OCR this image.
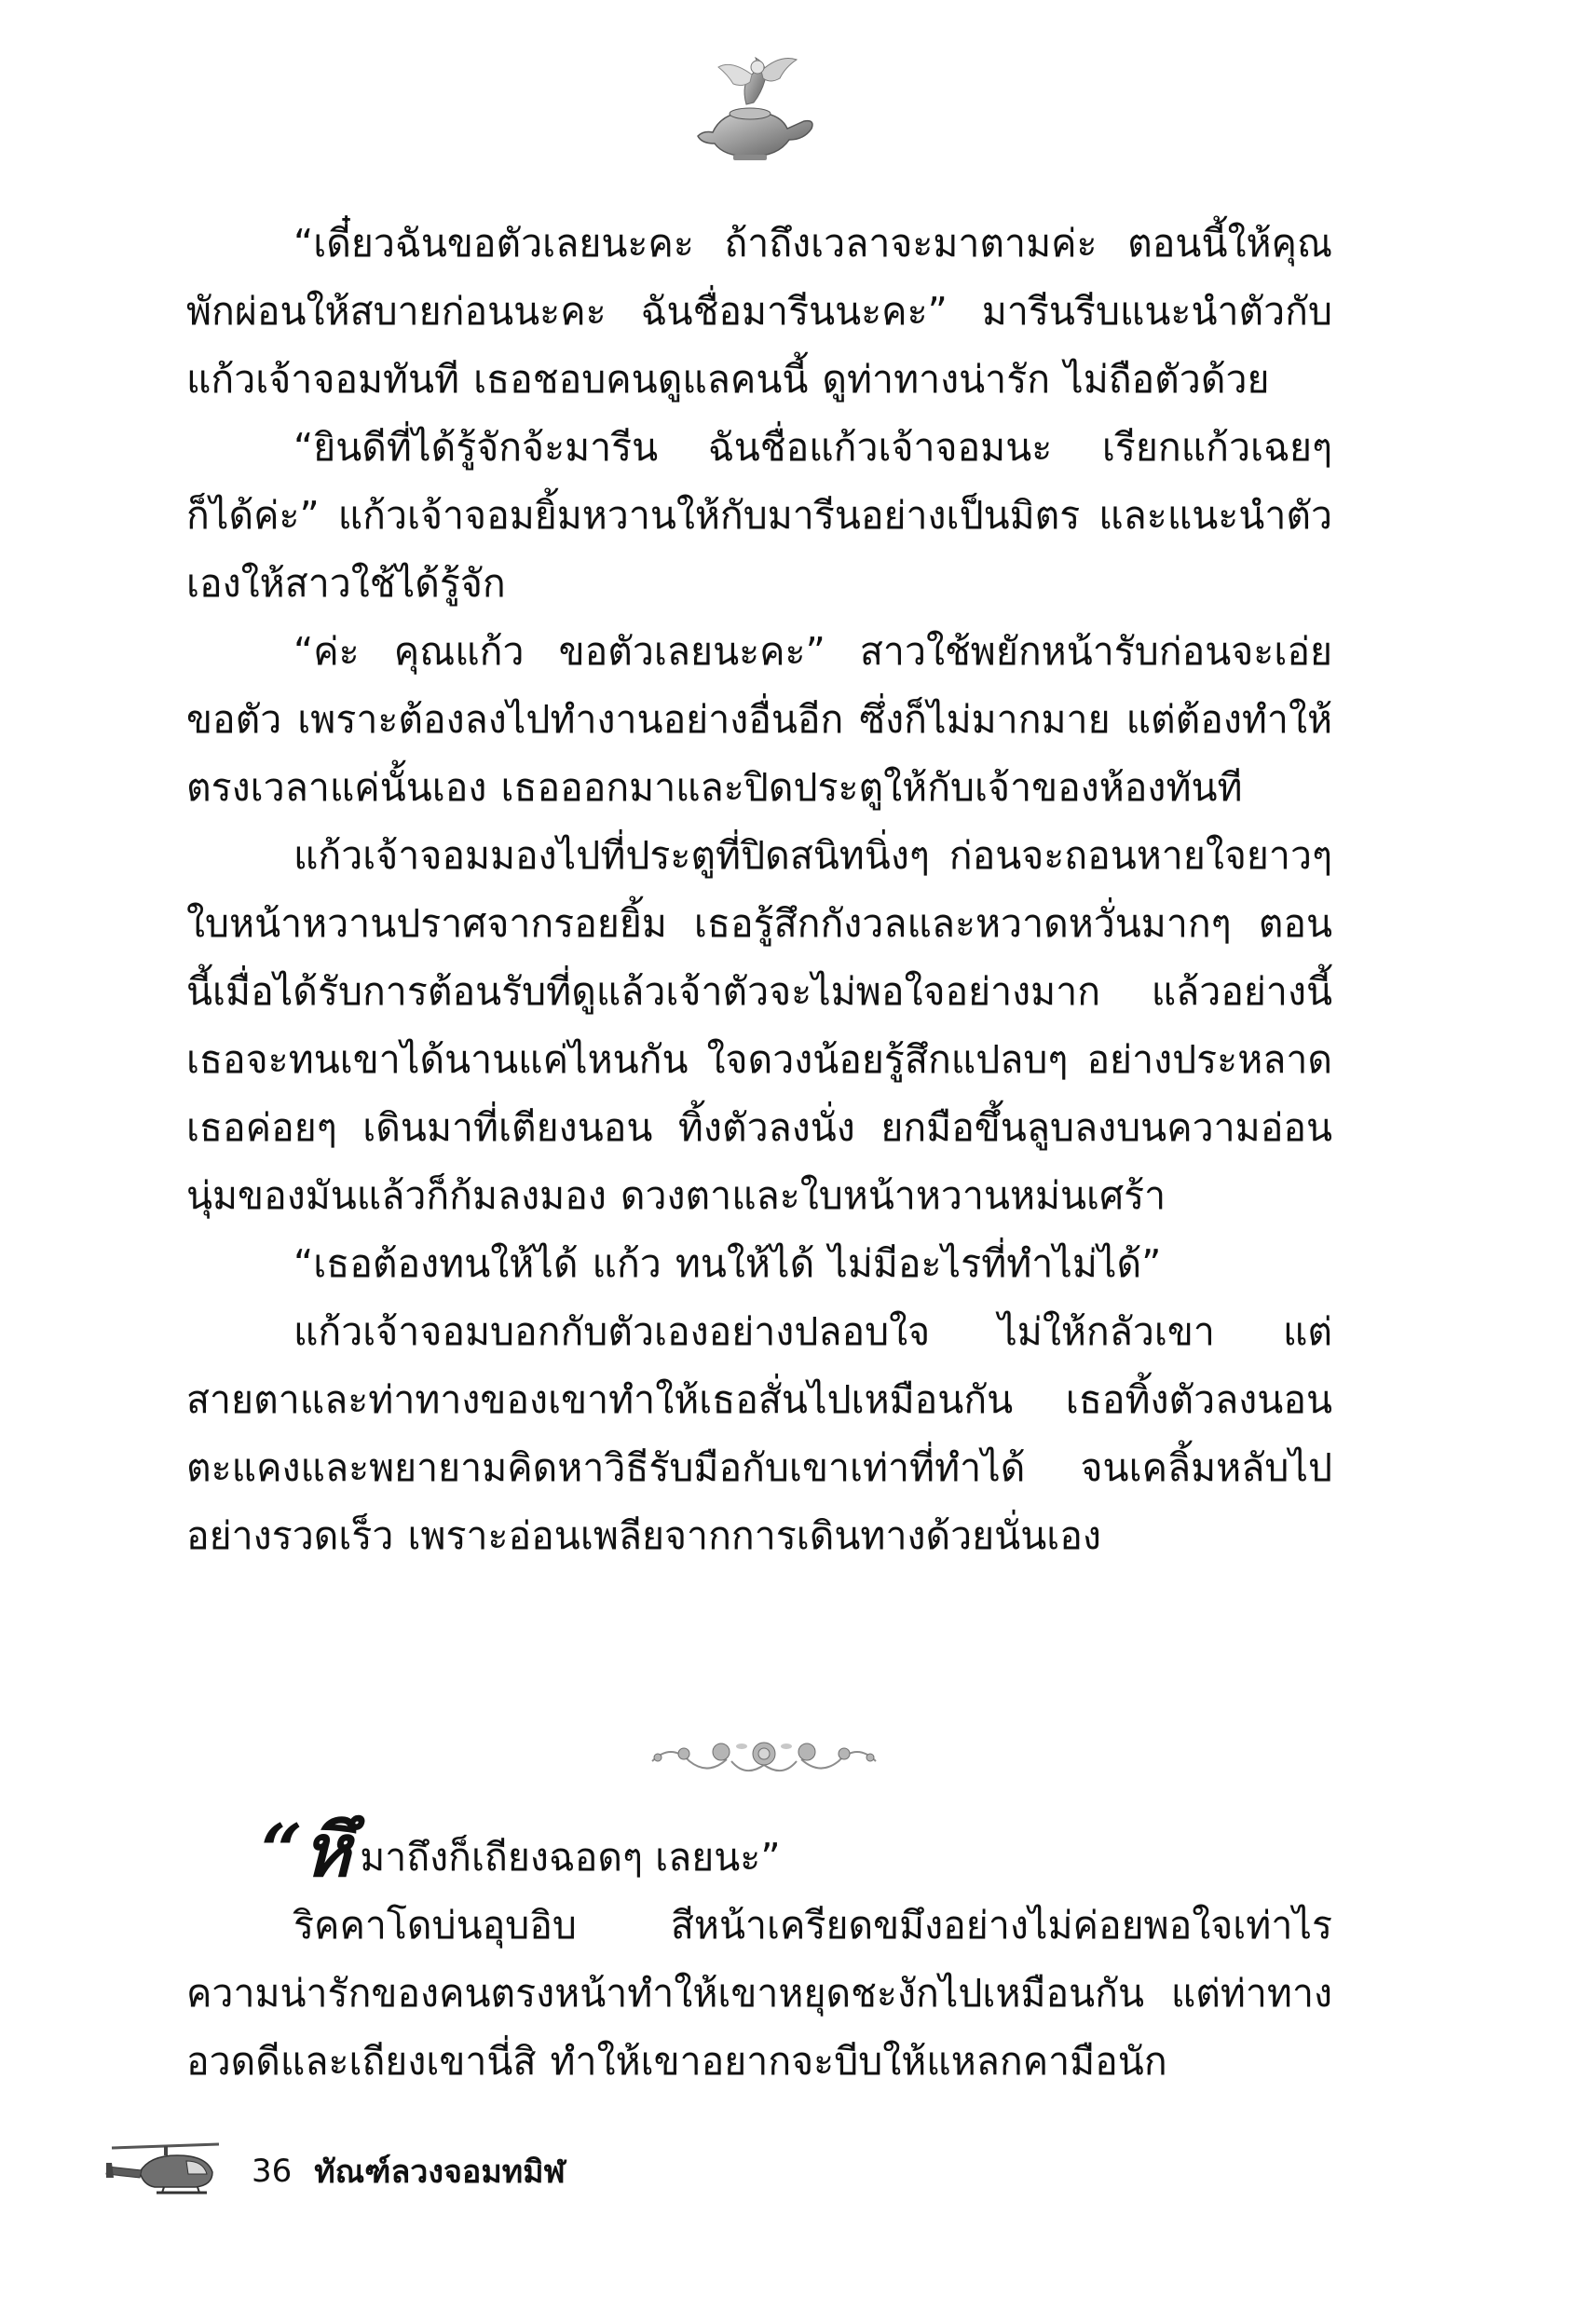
“เดี๋ยวฉันขอตัวเลยนะคะ ถ้าถึงเวลาจะมาตามค่ะ ตอนนี้ให้คุณพักผ่อนให้สบายก่อนนะคะ ฉันชื่อมารีนนะคะ” มารีนรีบแนะนำตัวกับแก้วเจ้าจอมทันที เธอชอบคนดูแลคนนี้ ดูท่าทางน่ารัก ไม่ถือตัวด้วย

“ยินดีที่ได้รู้จักจ้ะมารีน ฉันชื่อแก้วเจ้าจอมนะ เรียกแก้วเฉยๆ ก็ได้ค่ะ” แก้วเจ้าจอมยิ้มหวานให้กับมารีนอย่างเป็นมิตร และแนะนำตัวเองให้สาวใช้ได้รู้จัก

“ค่ะ คุณแก้ว ขอตัวเลยนะคะ” สาวใช้พยักหน้ารับก่อนจะเอ่ยขอตัว เพราะต้องลงไปทำงานอย่างอื่นอีก ซึ่งก็ไม่มากมาย แต่ต้องทำให้ตรงเวลาแค่นั้นเอง เธอออกมาและปิดประตูให้กับเจ้าของห้องทันที

แก้วเจ้าจอมมองไปที่ประตูที่ปิดสนิทนิ่งๆ ก่อนจะถอนหายใจยาวๆ ใบหน้าหวานปราศจากรอยยิ้ม เธอรู้สึกกังวลและหวาดหวั่นมากๆ ตอนนี้เมื่อได้รับการต้อนรับที่ดูแล้วเจ้าตัวจะไม่พอใจอย่างมาก แล้วอย่างนี้เธอจะทนเขาได้นานแค่ไหนกัน ใจดวงน้อยรู้สึกแปลบๆ อย่างประหลาด เธอค่อยๆ เดินมาที่เตียงนอน ทิ้งตัวลงนั่ง ยกมือขึ้นลูบลงบนความอ่อนนุ่มของมันแล้วก็ก้มลงมอง ดวงตาและใบหน้าหวานหม่นเศร้า

“เธอต้องทนให้ได้ แก้ว ทนให้ได้ ไม่มีอะไรที่ทำไม่ได้”

แก้วเจ้าจอมบอกกับตัวเองอย่างปลอบใจ ไม่ให้กลัวเขา แต่สายตาและท่าทางของเขาทำให้เธอสั่นไปเหมือนกัน เธอทิ้งตัวลงนอนตะแคงและพยายามคิดหาวิธีรับมือกับเขาเท่าที่ทำได้ จนเคลิ้มหลับไปอย่างรวดเร็ว เพราะอ่อนเพลียจากการเดินทางด้วยนั่นเอง

“หึมาถึงก็เถียงฉอดๆ เลยนะ”

ริคคาโดบ่นอุบอิบ สีหน้าเครียดขมึงอย่างไม่ค่อยพอใจเท่าไรความน่ารักของคนตรงหน้าทำให้เขาหยุดชะงักไปเหมือนกัน แต่ท่าทางอวดดีและเถียงเขานี่สิ ทำให้เขาอยากจะบีบให้แหลกคามือนัก

36 ทัณฑ์ลวงจอมทมิฬ
